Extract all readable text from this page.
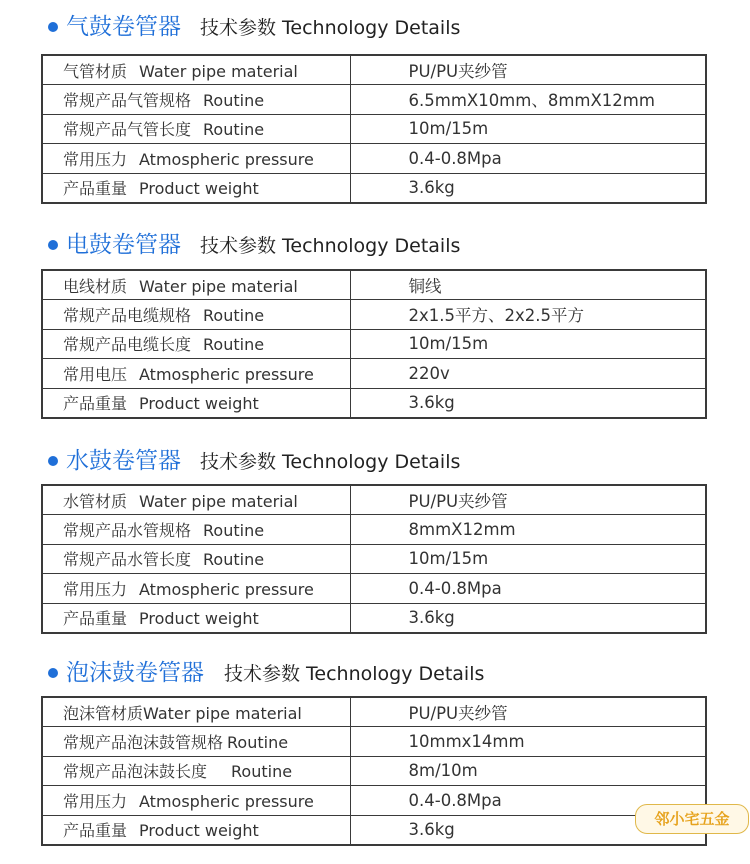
气鼓卷管器 技术参数 Technology Details
气管材质 Water pipe material	PU/PU夹纱管
常规产品气管规格 Routine	6.5mmX10mm、8mmX12mm
常规产品气管长度 Routine	10m/15m
常用压力 Atmospheric pressure	0.4-0.8Mpa
产品重量 Product weight	3.6kg
电鼓卷管器 技术参数 Technology Details
电线材质 Water pipe material	铜线
常规产品电缆规格 Routine	2x1.5平方、2x2.5平方
常规产品电缆长度 Routine	10m/15m
常用电压 Atmospheric pressure	220v
产品重量 Product weight	3.6kg
水鼓卷管器 技术参数 Technology Details
水管材质 Water pipe material	PU/PU夹纱管
常规产品水管规格 Routine	8mmX12mm
常规产品水管长度 Routine	10m/15m
常用压力 Atmospheric pressure	0.4-0.8Mpa
产品重量 Product weight	3.6kg
泡沫鼓卷管器 技术参数 Technology Details
泡沫管材质Water pipe material	PU/PU夹纱管
常规产品泡沫鼓管规格 Routine	10mmx14mm
常规产品泡沫鼓长度 Routine	8m/10m
常用压力 Atmospheric pressure	0.4-0.8Mpa
产品重量 Product weight	3.6kg
邻小宅五金
